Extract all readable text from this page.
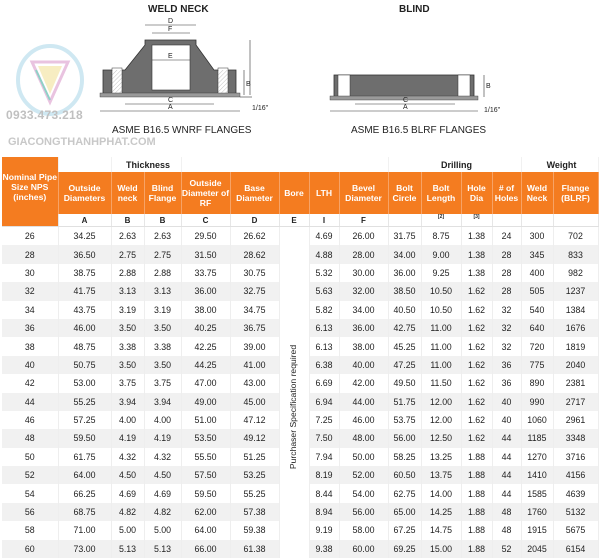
WELD NECK	BLIND
D
F
E
C
A
B
1/16"
C
A
B
1/16"
ASME B16.5 WNRF FLANGES	ASME B16.5 BLRF FLANGES
0933.473.218
GIACONGTHANHPHAT.COM
		Thickness							Drilling				Weight	
Nominal Pipe Size NPS (inches)	Outside Diameters	Weld neck	Blind Flange	Outside Diameter of RF	Base Diameter	Bore	LTH	Bevel Diameter	Bolt Circle	Bolt Length	Hole Dia	# of Holes	Weld Neck	Flange (BLRF)
	A	B	B	C	D	E	I	F		[2]	[3]			
26	34.25	2.63	2.63	29.50	26.62		4.69	26.00	31.75	8.75	1.38	24	300	702
28	36.50	2.75	2.75	31.50	28.62		4.88	28.00	34.00	9.00	1.38	28	345	833
30	38.75	2.88	2.88	33.75	30.75		5.32	30.00	36.00	9.25	1.38	28	400	982
32	41.75	3.13	3.13	36.00	32.75		5.63	32.00	38.50	10.50	1.62	28	505	1237
34	43.75	3.19	3.19	38.00	34.75		5.82	34.00	40.50	10.50	1.62	32	540	1384
36	46.00	3.50	3.50	40.25	36.75		6.13	36.00	42.75	11.00	1.62	32	640	1676
38	48.75	3.38	3.38	42.25	39.00		6.13	38.00	45.25	11.00	1.62	32	720	1819
40	50.75	3.50	3.50	44.25	41.00		6.38	40.00	47.25	11.00	1.62	36	775	2040
42	53.00	3.75	3.75	47.00	43.00		6.69	42.00	49.50	11.50	1.62	36	890	2381
44	55.25	3.94	3.94	49.00	45.00		6.94	44.00	51.75	12.00	1.62	40	990	2717
46	57.25	4.00	4.00	51.00	47.12		7.25	46.00	53.75	12.00	1.62	40	1060	2961
48	59.50	4.19	4.19	53.50	49.12		7.50	48.00	56.00	12.50	1.62	44	1185	3348
50	61.75	4.32	4.32	55.50	51.25		7.94	50.00	58.25	13.25	1.88	44	1270	3716
52	64.00	4.50	4.50	57.50	53.25		8.19	52.00	60.50	13.75	1.88	44	1410	4156
54	66.25	4.69	4.69	59.50	55.25		8.44	54.00	62.75	14.00	1.88	44	1585	4639
56	68.75	4.82	4.82	62.00	57.38		8.94	56.00	65.00	14.25	1.88	48	1760	5132
58	71.00	5.00	5.00	64.00	59.38		9.19	58.00	67.25	14.75	1.88	48	1915	5675
60	73.00	5.13	5.13	66.00	61.38		9.38	60.00	69.25	15.00	1.88	52	2045	6154
Purchaser Specification required
